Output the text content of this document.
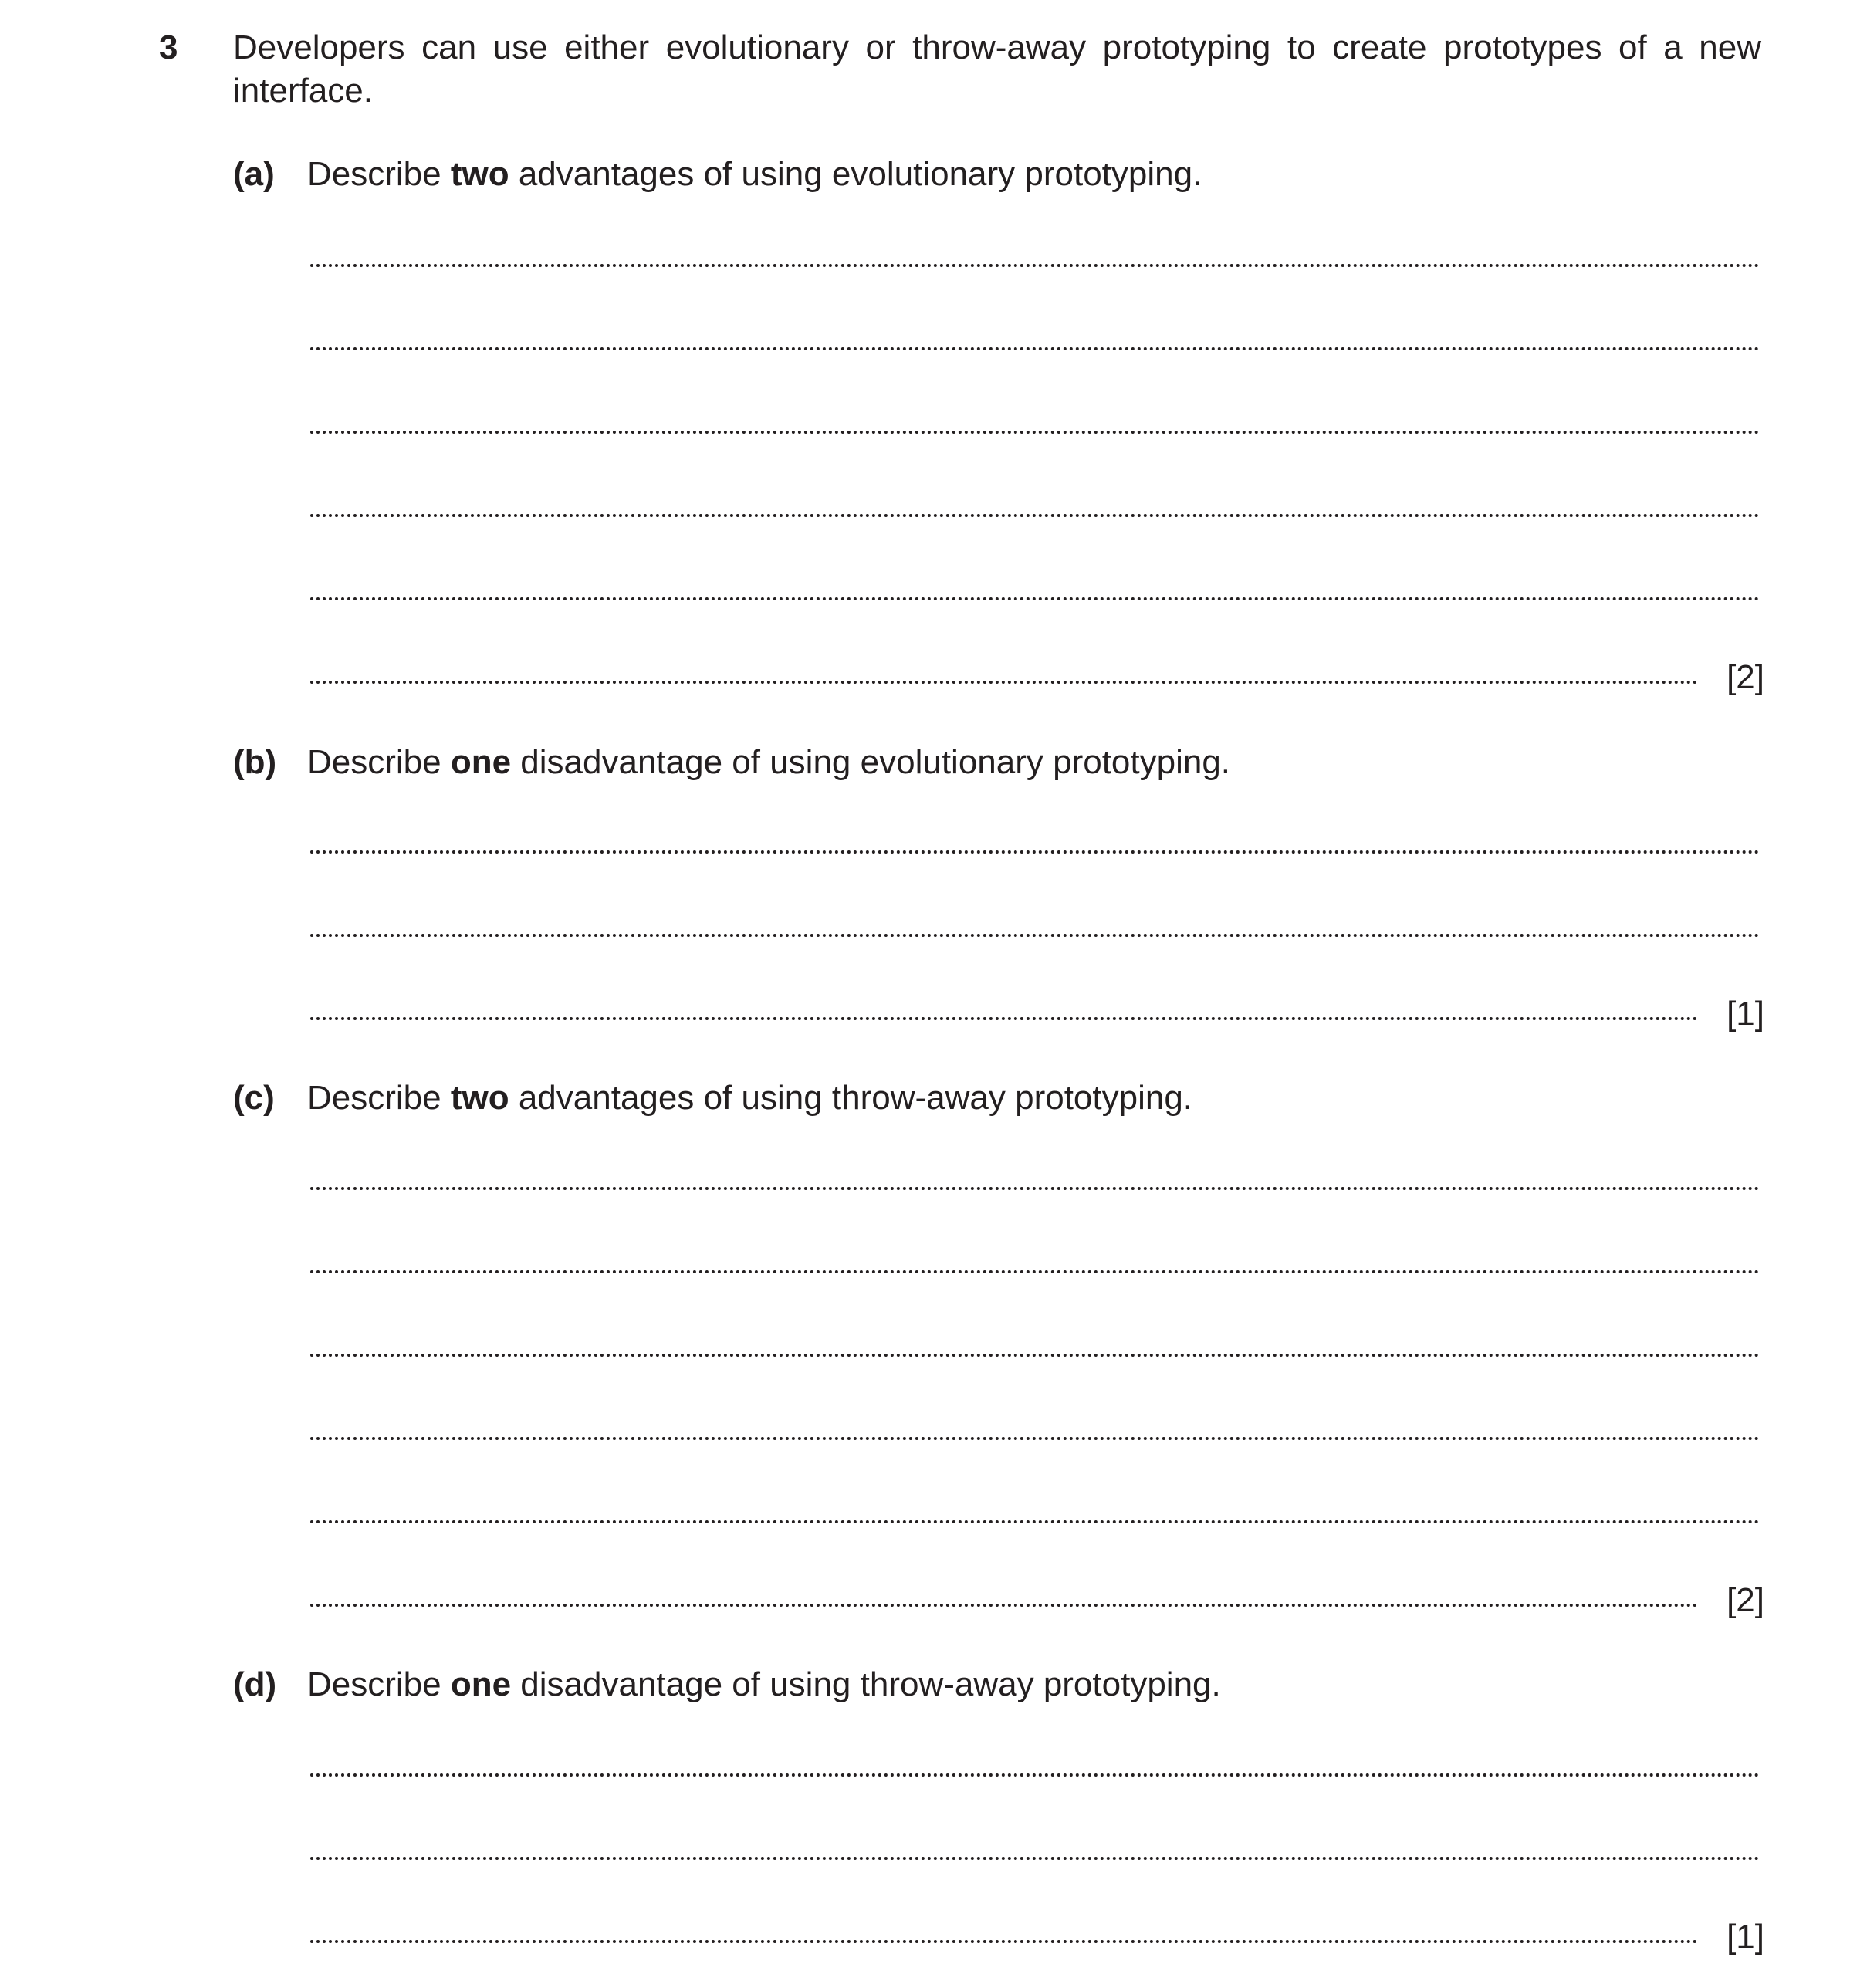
3 Developers can use either evolutionary or throw-away prototyping to create prototypes of a new interface.
(a) Describe two advantages of using evolutionary prototyping.
[2]
(b) Describe one disadvantage of using evolutionary prototyping.
[1]
(c) Describe two advantages of using throw-away prototyping.
[2]
(d) Describe one disadvantage of using throw-away prototyping.
[1]
